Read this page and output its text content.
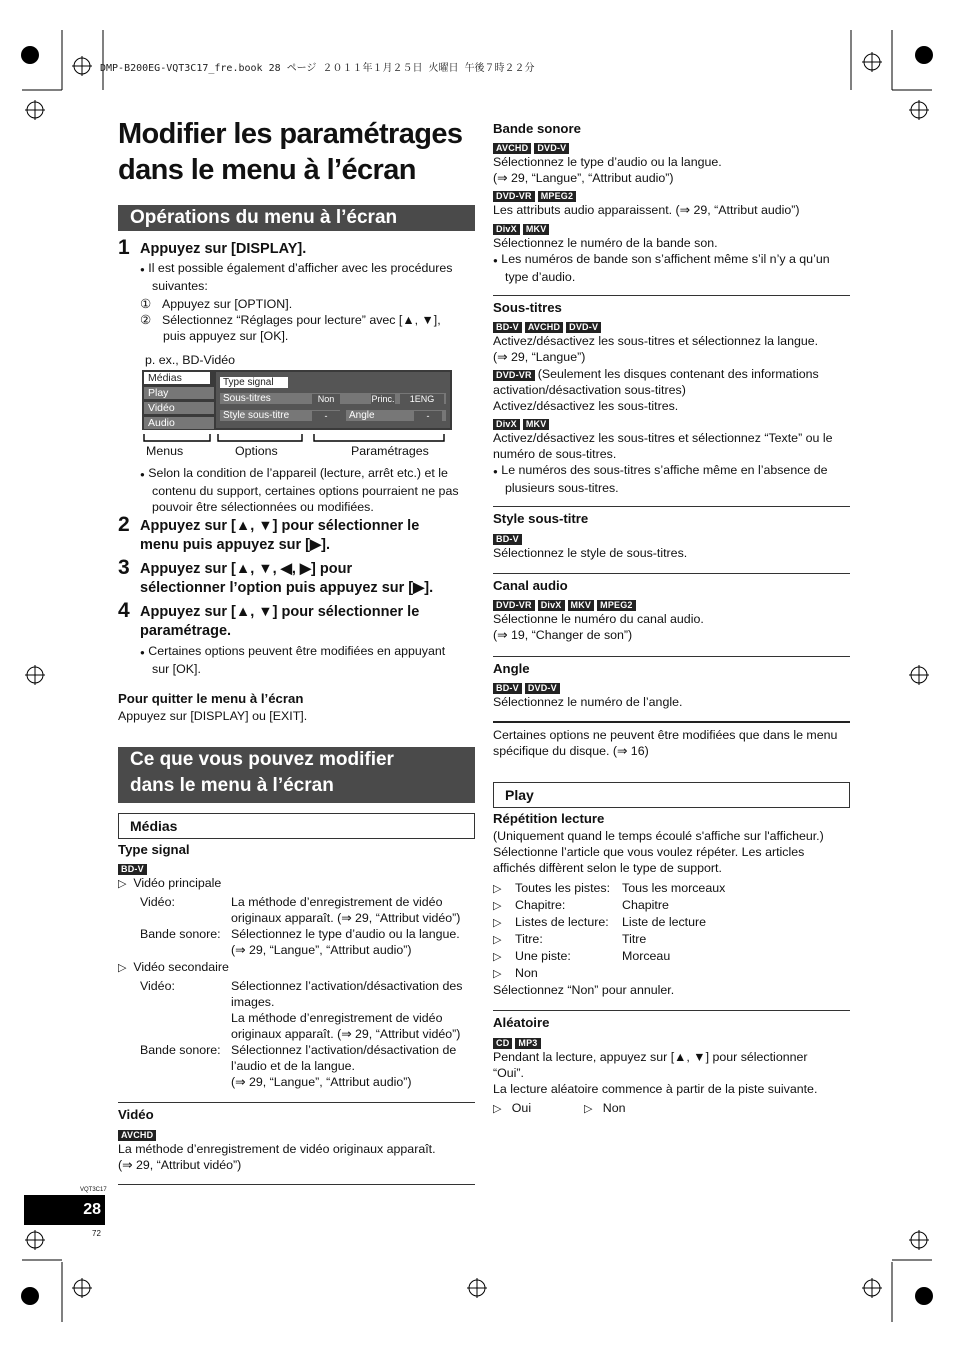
DMP-B200EG-VQT3C17_fre.book 28 ページ ２０１１年１月２５日 火曜日 午後７時２２分
Modifier les paramétrages
dans le menu à l’écran
Opérations du menu à l’écran
1 Appuyez sur [DISPLAY].
● Il est possible également d’afficher avec les procédures
suivantes:
① Appuyez sur [OPTION].
② Sélectionnez “Réglages pour lecture” avec [▲, ▼],
puis appuyez sur [OK].
p. ex., BD-Vidéo
Médias
Play
Vidéo
Audio
Type signal
Sous-titres	Non	Princ.	1ENG
Style sous-titre	-	Angle	-
Menus	Options	Paramétrages
● Selon la condition de l’appareil (lecture, arrêt etc.) et le
contenu du support, certaines options pourraient ne pas
pouvoir être sélectionnées ou modifiées.
2 Appuyez sur [▲, ▼] pour sélectionner le
menu puis appuyez sur [▶].
3 Appuyez sur [▲, ▼, ◀, ▶] pour
sélectionner l’option puis appuyez sur [▶].
4 Appuyez sur [▲, ▼] pour sélectionner le
paramétrage.
● Certaines options peuvent être modifiées en appuyant
sur [OK].
Pour quitter le menu à l’écran
Appuyez sur [DISPLAY] ou [EXIT].
Ce que vous pouvez modifier
dans le menu à l’écran
Médias
Type signal
BD-V
▷ Vidéo principale
Vidéo:	La méthode d’enregistrement de vidéo
originaux apparaît. (⇒ 29, “Attribut vidéo”)
Bande sonore: Sélectionnez le type d’audio ou la langue.
(⇒ 29, “Langue”, “Attribut audio”)
▷ Vidéo secondaire
Vidéo:	Sélectionnez l’activation/désactivation des
images.
La méthode d’enregistrement de vidéo
originaux apparaît. (⇒ 29, “Attribut vidéo”)
Bande sonore: Sélectionnez l’activation/désactivation de
l’audio et de la langue.
(⇒ 29, “Langue”, “Attribut audio”)
Vidéo
AVCHD
La méthode d’enregistrement de vidéo originaux apparaît.
(⇒ 29, “Attribut vidéo”)
Bande sonore
AVCHD DVD-V
Sélectionnez le type d’audio ou la langue.
(⇒ 29, “Langue”, “Attribut audio”)
DVD-VR MPEG2
Les attributs audio apparaissent. (⇒ 29, “Attribut audio”)
DivX MKV
Sélectionnez le numéro de la bande son.
● Les numéros de bande son s’affichent même s’il n’y a qu’un
type d’audio.
Sous-titres
BD-V AVCHD DVD-V
Activez/désactivez les sous-titres et sélectionnez la langue.
(⇒ 29, “Langue”)
DVD-VR (Seulement les disques contenant des informations
activation/désactivation sous-titres)
Activez/désactivez les sous-titres.
DivX MKV
Activez/désactivez les sous-titres et sélectionnez “Texte” ou le
numéro de sous-titres.
● Le numéros des sous-titres s’affiche même en l’absence de
plusieurs sous-titres.
Style sous-titre
BD-V
Sélectionnez le style de sous-titres.
Canal audio
DVD-VR DivX MKV MPEG2
Sélectionne le numéro du canal audio.
(⇒ 19, “Changer de son”)
Angle
BD-V DVD-V
Sélectionnez le numéro de l’angle.
Certaines options ne peuvent être modifiées que dans le menu
spécifique du disque. (⇒ 16)
Play
Répétition lecture
(Uniquement quand le temps écoulé s'affiche sur l'afficheur.)
Sélectionne l’article que vous voulez répéter. Les articles
affichés diffèrent selon le type de support.
▷ Toutes les pistes: Tous les morceaux

▷ Chapitre:	Chapitre

▷ Listes de lecture: Liste de lecture

▷ Titre:	Titre

▷ Une piste:	Morceau

▷ Non

Sélectionnez “Non” pour annuler.
Aléatoire
CD MP3
Pendant la lecture, appuyez sur [▲, ▼] pour sélectionner
“Oui”.
La lecture aléatoire commence à partir de la piste suivante.
▷ Oui	▷ Non
VQT3C17
28
72
